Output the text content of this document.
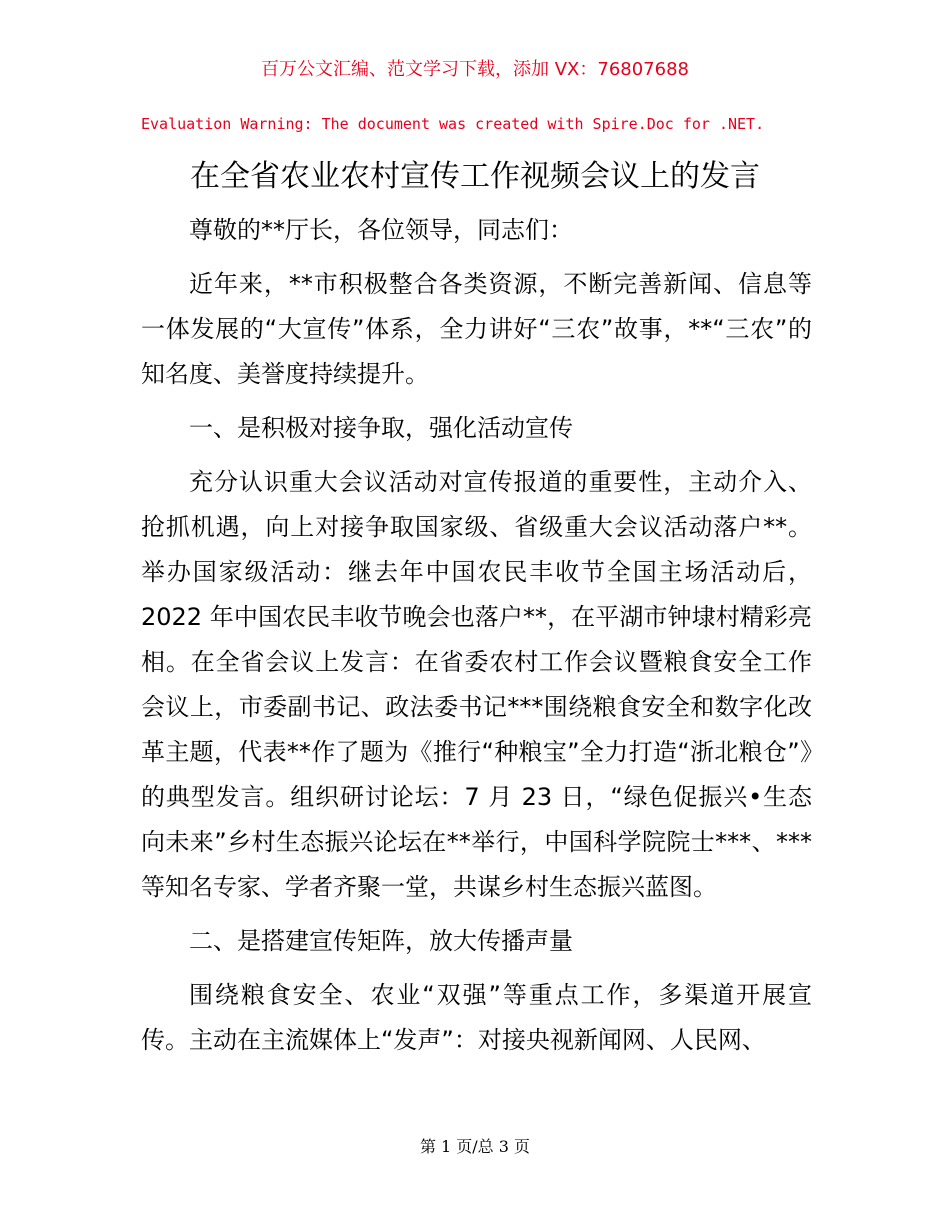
百万公文汇编、范文学习下载，添加 VX：76807688
Evaluation Warning: The document was created with Spire.Doc for .NET.
在全省农业农村宣传工作视频会议上的发言

尊敬的**厅长，各位领导，同志们：

近年来，**市积极整合各类资源，不断完善新闻、信息等一体发展的“大宣传”体系，全力讲好“三农”故事，**“三农”的知名度、美誉度持续提升。

一、是积极对接争取，强化活动宣传

充分认识重大会议活动对宣传报道的重要性，主动介入、抢抓机遇，向上对接争取国家级、省级重大会议活动落户**。举办国家级活动：继去年中国农民丰收节全国主场活动后，2022 年中国农民丰收节晚会也落户**，在平湖市钟埭村精彩亮相。在全省会议上发言：在省委农村工作会议暨粮食安全工作会议上，市委副书记、政法委书记***围绕粮食安全和数字化改革主题，代表**作了题为《推行“种粮宝”全力打造“浙北粮仓”》的典型发言。组织研讨论坛：7 月 23 日，“绿色促振兴•生态向未来”乡村生态振兴论坛在**举行，中国科学院院士***、***等知名专家、学者齐聚一堂，共谋乡村生态振兴蓝图。

二、是搭建宣传矩阵，放大传播声量

围绕粮食安全、农业“双强”等重点工作，多渠道开展宣传。主动在主流媒体上“发声”：对接央视新闻网、人民网、

第 1 页/总 3 页
